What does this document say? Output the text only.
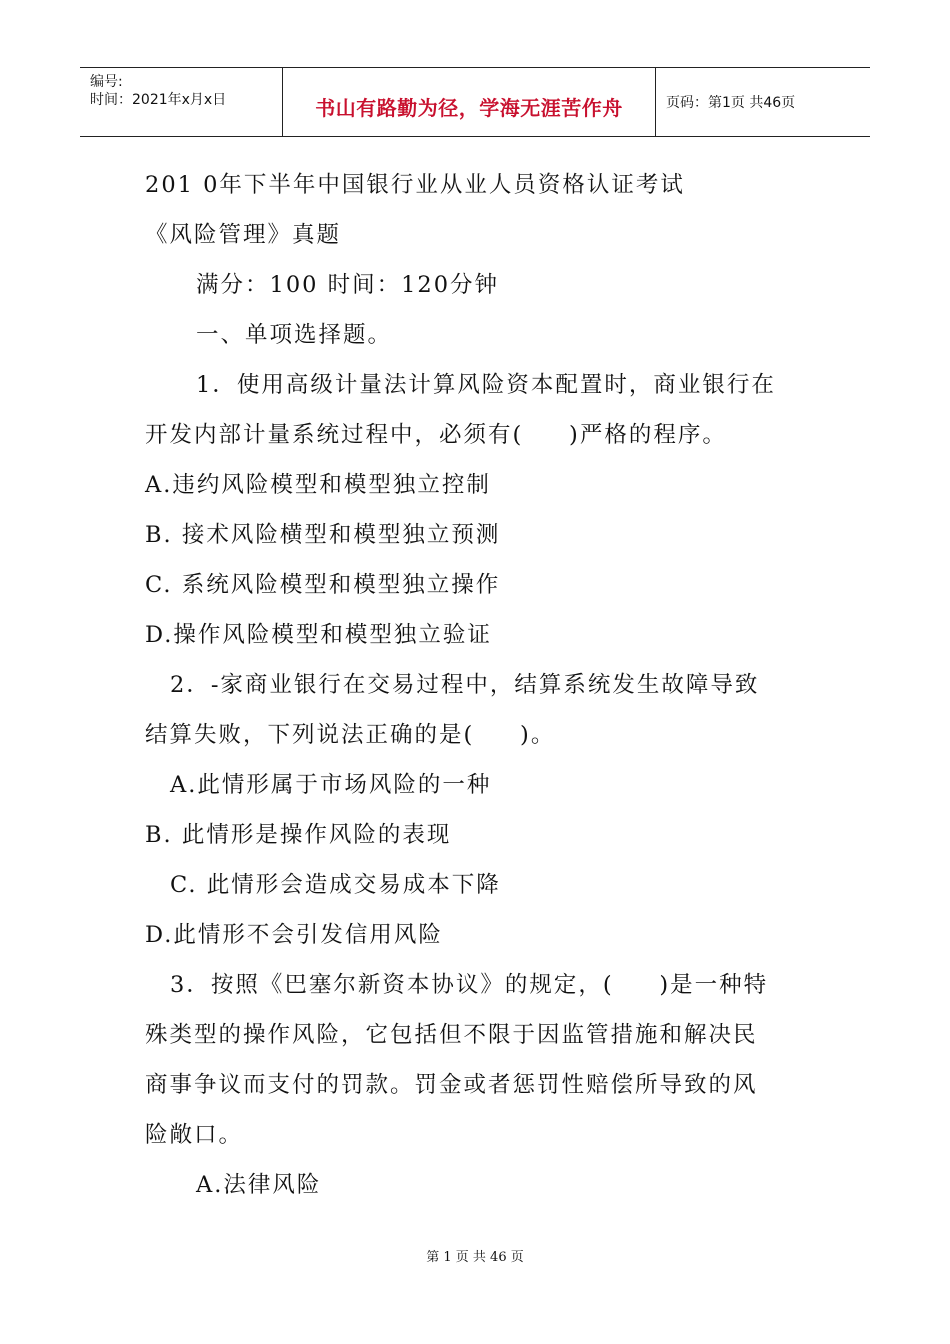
编号:
时间：2021年x月x日	书山有路勤为径，学海无涯苦作舟	页码：第1页 共46页
201 0年下半年中国银行业从业人员资格认证考试
《风险管理》真题
满分：100 时间：120分钟
一、单项选择题。
1．使用高级计量法计算风险资本配置时，商业银行在
开发内部计量系统过程中，必须有(     )严格的程序。
A.违约风险模型和模型独立控制
B. 接术风险横型和模型独立预测
C. 系统风险模型和模型独立操作
D.操作风险模型和模型独立验证
2．-家商业银行在交易过程中，结算系统发生故障导致
结算失败，下列说法正确的是(     )。
A.此情形属于市场风险的一种
B. 此情形是操作风险的表现
C. 此情形会造成交易成本下降
D.此情形不会引发信用风险
3．按照《巴塞尔新资本协议》的规定，(     )是一种特
殊类型的操作风险，它包括但不限于因监管措施和解决民
商事争议而支付的罚款。罚金或者惩罚性赔偿所导致的风
险敞口。
A.法律风险
第 1 页 共 46 页
